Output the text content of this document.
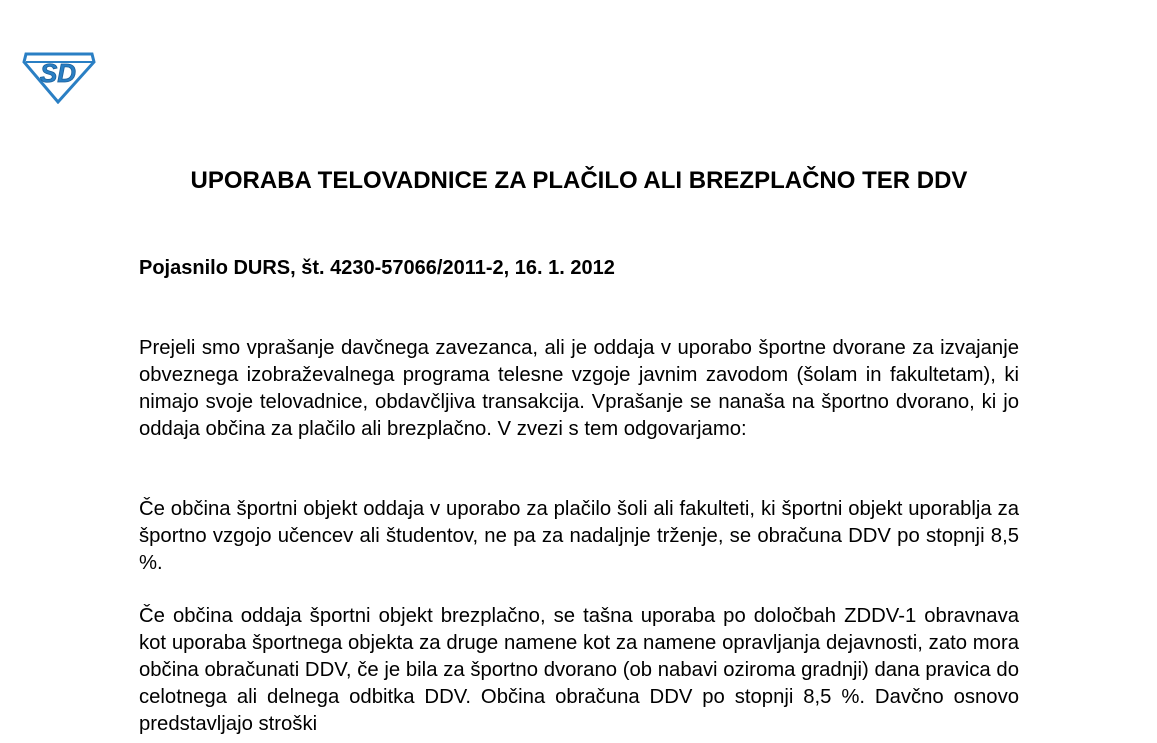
SD
UPORABA TELOVADNICE ZA PLAČILO ALI BREZPLAČNO TER DDV

Pojasnilo DURS, št. 4230-57066/2011-2, 16. 1. 2012

Prejeli smo vprašanje davčnega zavezanca, ali je oddaja v uporabo športne dvorane za izvajanje obveznega izobraževalnega programa telesne vzgoje javnim zavodom (šolam in fakultetam), ki nimajo svoje telovadnice, obdavčljiva transakcija. Vprašanje se nanaša na športno dvorano, ki jo oddaja občina za plačilo ali brezplačno. V zvezi s tem odgovarjamo:

Če občina športni objekt oddaja v uporabo za plačilo šoli ali fakulteti, ki športni objekt uporablja za športno vzgojo učencev ali študentov, ne pa za nadaljnje trženje, se obračuna DDV po stopnji 8,5 %.

Če občina oddaja športni objekt brezplačno, se tašna uporaba po določbah ZDDV-1 obravnava kot uporaba športnega objekta za druge namene kot za namene opravljanja dejavnosti, zato mora občina obračunati DDV, če je bila za športno dvorano (ob nabavi oziroma gradnji) dana pravica do celotnega ali delnega odbitka DDV. Občina obračuna DDV po stopnji 8,5 %. Davčno osnovo predstavljajo stroški
